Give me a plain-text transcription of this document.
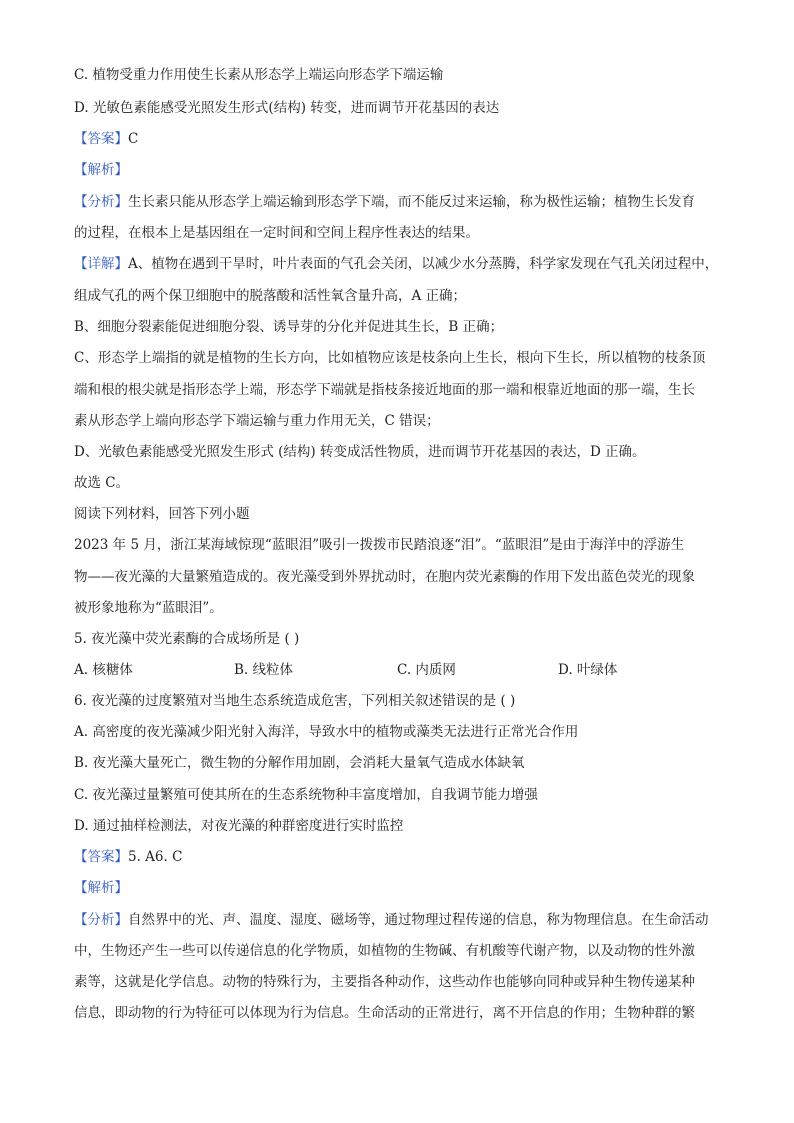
C. 植物受重力作用使生长素从形态学上端运向形态学下端运输
D. 光敏色素能感受光照发生形式(结构) 转变，进而调节开花基因的表达
【答案】C
【解析】
【分析】生长素只能从形态学上端运输到形态学下端，而不能反过来运输，称为极性运输；植物生长发育
的过程，在根本上是基因组在一定时间和空间上程序性表达的结果。
【详解】A、植物在遇到干旱时，叶片表面的气孔会关闭，以减少水分蒸腾，科学家发现在气孔关闭过程中，
组成气孔的两个保卫细胞中的脱落酸和活性氧含量升高，A 正确；
B、细胞分裂素能促进细胞分裂、诱导芽的分化并促进其生长，B 正确；
C、形态学上端指的就是植物的生长方向，比如植物应该是枝条向上生长，根向下生长，所以植物的枝条顶
端和根的根尖就是指形态学上端，形态学下端就是指枝条接近地面的那一端和根靠近地面的那一端，生长
素从形态学上端向形态学下端运输与重力作用无关，C 错误；
D、光敏色素能感受光照发生形式 (结构) 转变成活性物质，进而调节开花基因的表达，D 正确。
故选 C。
阅读下列材料，回答下列小题
2023 年 5 月，浙江某海域惊现“蓝眼泪”吸引一拨拨市民踏浪逐“泪”。“蓝眼泪”是由于海洋中的浮游生
物——夜光藻的大量繁殖造成的。夜光藻受到外界扰动时，在胞内荧光素酶的作用下发出蓝色荧光的现象
被形象地称为“蓝眼泪”。
5. 夜光藻中荧光素酶的合成场所是 ( )
A. 核糖体	B. 线粒体	C. 内质网	D. 叶绿体
6. 夜光藻的过度繁殖对当地生态系统造成危害，下列相关叙述错误的是 ( )
A. 高密度的夜光藻减少阳光射入海洋，导致水中的植物或藻类无法进行正常光合作用
B. 夜光藻大量死亡，微生物的分解作用加剧，会消耗大量氧气造成水体缺氧
C. 夜光藻过量繁殖可使其所在的生态系统物种丰富度增加，自我调节能力增强
D. 通过抽样检测法，对夜光藻的种群密度进行实时监控
【答案】5. A6. C
【解析】
【分析】自然界中的光、声、温度、湿度、磁场等，通过物理过程传递的信息，称为物理信息。在生命活动
中，生物还产生一些可以传递信息的化学物质，如植物的生物碱、有机酸等代谢产物，以及动物的性外激
素等，这就是化学信息。动物的特殊行为，主要指各种动作，这些动作也能够向同种或异种生物传递某种
信息，即动物的行为特征可以体现为行为信息。生命活动的正常进行，离不开信息的作用；生物种群的繁
